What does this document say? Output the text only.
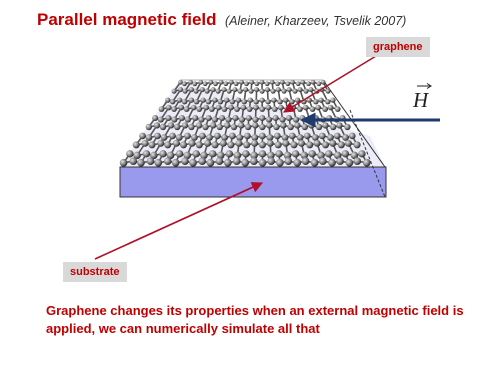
Parallel magnetic field (Aleiner, Kharzeev, Tsvelik 2007)
H
graphene
substrate
Graphene changes its properties when an external magnetic field is applied, we can numerically simulate all that
